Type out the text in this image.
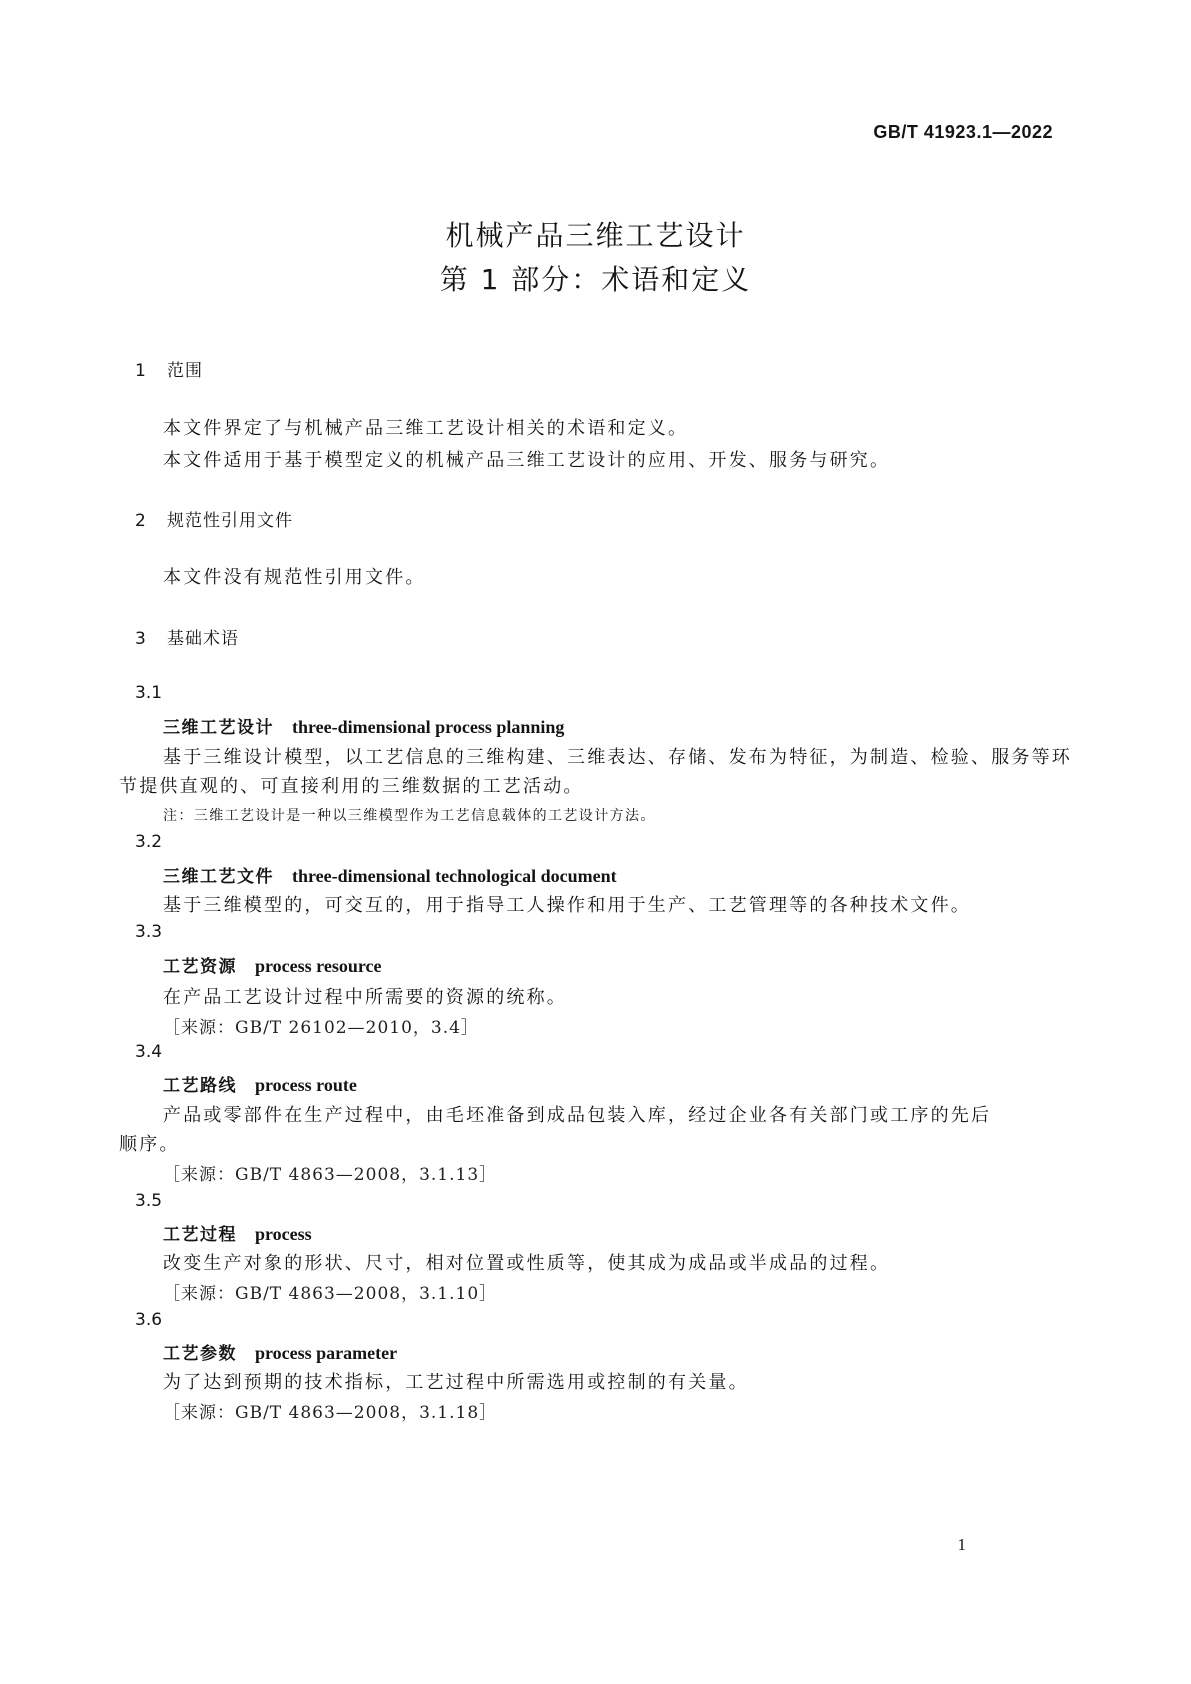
GB/T 41923.1—2022
机械产品三维工艺设计
第 1 部分：术语和定义
1 范围
本文件界定了与机械产品三维工艺设计相关的术语和定义。
本文件适用于基于模型定义的机械产品三维工艺设计的应用、开发、服务与研究。
2 规范性引用文件
本文件没有规范性引用文件。
3 基础术语
3.1
三维工艺设计 three-dimensional process planning
基于三维设计模型，以工艺信息的三维构建、三维表达、存储、发布为特征，为制造、检验、服务等环
节提供直观的、可直接利用的三维数据的工艺活动。
注：三维工艺设计是一种以三维模型作为工艺信息载体的工艺设计方法。
3.2
三维工艺文件 three-dimensional technological document
基于三维模型的，可交互的，用于指导工人操作和用于生产、工艺管理等的各种技术文件。
3.3
工艺资源 process resource
在产品工艺设计过程中所需要的资源的统称。
［来源：GB/T 26102—2010，3.4］
3.4
工艺路线 process route
产品或零部件在生产过程中，由毛坯准备到成品包装入库，经过企业各有关部门或工序的先后
顺序。
［来源：GB/T 4863—2008，3.1.13］
3.5
工艺过程 process
改变生产对象的形状、尺寸，相对位置或性质等，使其成为成品或半成品的过程。
［来源：GB/T 4863—2008，3.1.10］
3.6
工艺参数 process parameter
为了达到预期的技术指标，工艺过程中所需选用或控制的有关量。
［来源：GB/T 4863—2008，3.1.18］
1
